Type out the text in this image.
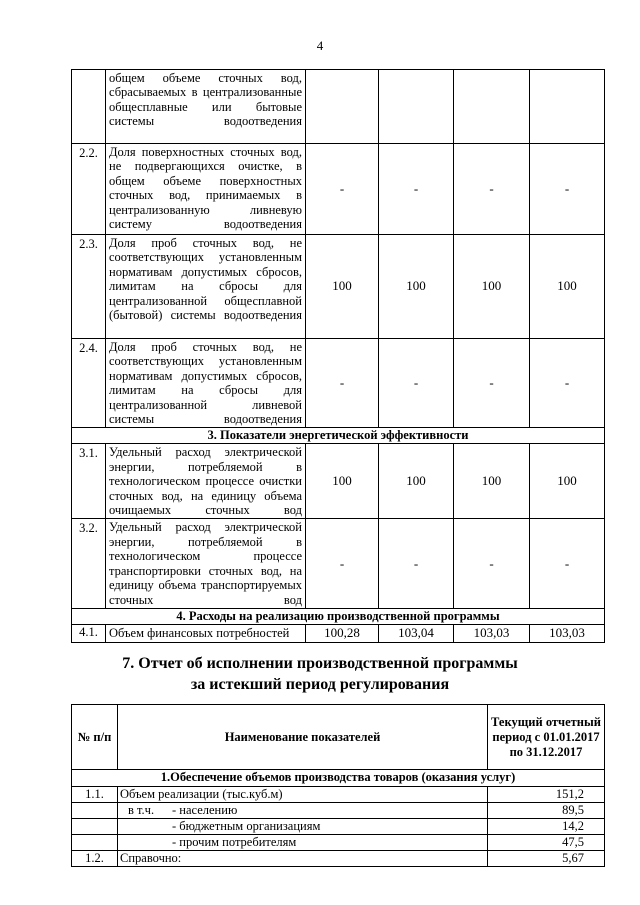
4
	общем объеме сточных вод, сбрасываемых в централизованные общесплавные или бытовые системы водоотведения				
2.2.	Доля поверхностных сточных вод, не подвергающихся очистке, в общем объеме поверхностных сточных вод, принимаемых в централизованную ливневую систему водоотведения	-	-	-	-
2.3.	Доля проб сточных вод, не соответствующих установленным нормативам допустимых сбросов, лимитам на сбросы для централизованной общесплавной (бытовой) системы водоотведения	100	100	100	100
2.4.	Доля проб сточных вод, не соответствующих установленным нормативам допустимых сбросов, лимитам на сбросы для централизованной ливневой системы водоотведения	-	-	-	-
3. Показатели энергетической эффективности					
3.1.	Удельный расход электрической энергии, потребляемой в технологическом процессе очистки сточных вод, на единицу объема очищаемых сточных вод	100	100	100	100
3.2.	Удельный расход электрической энергии, потребляемой в технологическом процессе транспортировки сточных вод, на единицу объема транспортируемых сточных вод	-	-	-	-
4. Расходы на реализацию производственной программы					
4.1.	Объем финансовых потребностей	100,28	103,04	103,03	103,03
7. Отчет об исполнении производственной программы
за истекший период регулирования
№ п/п	Наименование показателей	Текущий отчетный период с 01.01.2017 по 31.12.2017
1.Обеспечение объемов производства товаров (оказания услуг)		
1.1.	Объем реализации (тыс.куб.м)	151,2
	в т.ч. - населению	89,5
	- бюджетным организациям	14,2
	- прочим потребителям	47,5
1.2.	Справочно:	5,67
